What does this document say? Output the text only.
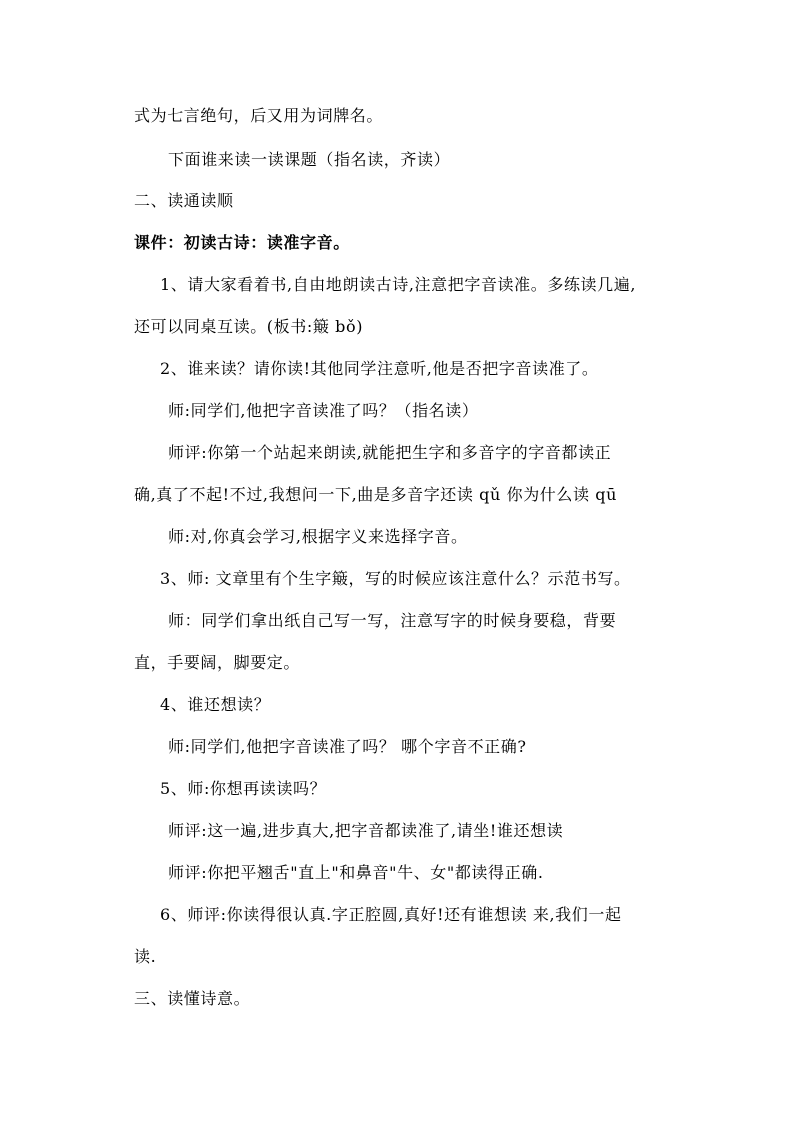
式为七言绝句，后又用为词牌名。
下面谁来读一读课题（指名读，齐读）
二、读通读顺
课件：初读古诗：读准字音。
1、请大家看着书,自由地朗读古诗,注意把字音读准。多练读几遍,
还可以同桌互读。(板书:簸 bǒ)
2、谁来读？请你读!其他同学注意听,他是否把字音读准了。
师:同学们,他把字音读准了吗？（指名读）
师评:你第一个站起来朗读,就能把生字和多音字的字音都读正
确,真了不起!不过,我想问一下,曲是多音字还读 qǔ 你为什么读 qū
师:对,你真会学习,根据字义来选择字音。
3、师: 文章里有个生字簸，写的时候应该注意什么？示范书写。
师：同学们拿出纸自己写一写，注意写字的时候身要稳，背要
直，手要阔，脚要定。
4、谁还想读？
师:同学们,他把字音读准了吗？ 哪个字音不正确?
5、师:你想再读读吗？
师评:这一遍,进步真大,把字音都读准了,请坐!谁还想读
师评:你把平翘舌"直上"和鼻音"牛、女"都读得正确.
6、师评:你读得很认真.字正腔圆,真好!还有谁想读 来,我们一起
读.
三、读懂诗意。
